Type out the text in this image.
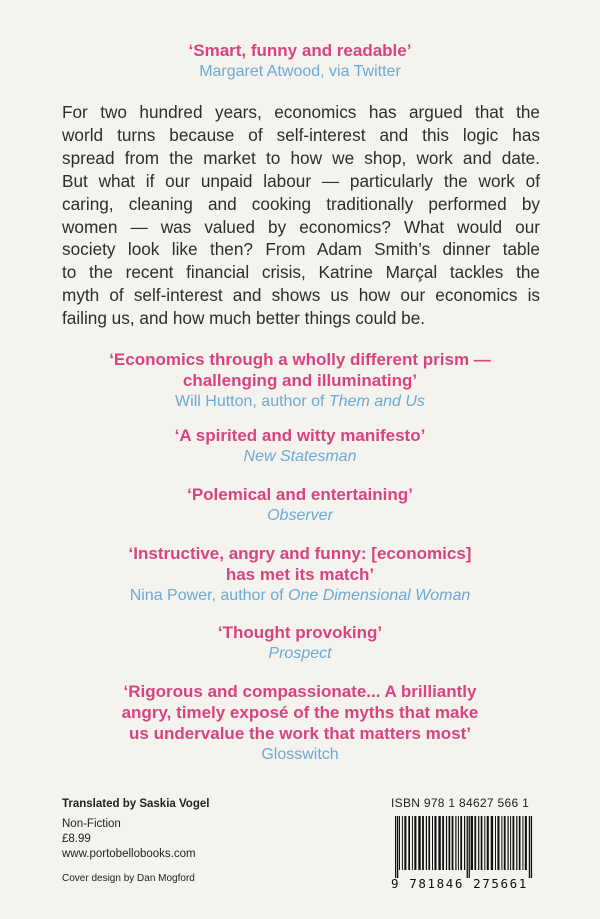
‘Smart, funny and readable’
Margaret Atwood, via Twitter
For two hundred years, economics has argued that the
world turns because of self-interest and this logic has
spread from the market to how we shop, work and date.
But what if our unpaid labour — particularly the work of
caring, cleaning and cooking traditionally performed by
women — was valued by economics? What would our
society look like then? From Adam Smith’s dinner table
to the recent financial crisis, Katrine Marçal tackles the
myth of self-interest and shows us how our economics is
failing us, and how much better things could be.
‘Economics through a wholly different prism —
challenging and illuminating’
Will Hutton, author of Them and Us
‘A spirited and witty manifesto’
New Statesman
‘Polemical and entertaining’
Observer
‘Instructive, angry and funny: [economics]
has met its match’
Nina Power, author of One Dimensional Woman
‘Thought provoking’
Prospect
‘Rigorous and compassionate... A brilliantly
angry, timely exposé of the myths that make
us undervalue the work that matters most’
Glosswitch
Translated by Saskia Vogel
Non-Fiction
£8.99
www.portobellobooks.com
Cover design by Dan Mogford
ISBN 978 1 84627 566 1
9 781846 275661
